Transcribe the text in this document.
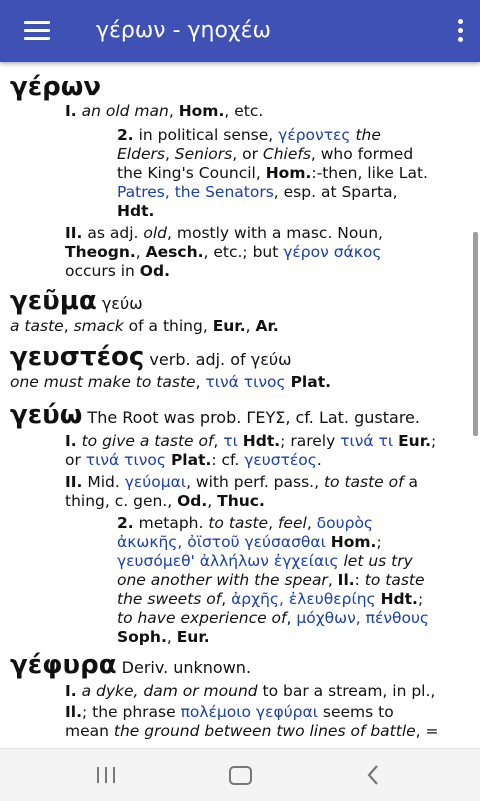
γέρων - γηοχέω
γέρων
I. an old man, Hom., etc.
2. in political sense, γέροντες the
Elders, Seniors, or Chiefs, who formed
the King's Council, Hom.:-then, like Lat.
Patres, the Senators, esp. at Sparta,
Hdt.
II. as adj. old, mostly with a masc. Noun,
Theogn., Aesch., etc.; but γέρον σάκος
occurs in Od.
γεῦμα γεύω
a taste, smack of a thing, Eur., Ar.
γευστέος verb. adj. of γεύω
one must make to taste, τινά τινος Plat.
γεύω The Root was prob. ΓΕΥΣ, cf. Lat. gustare.
I. to give a taste of, τι Hdt.; rarely τινά τι Eur.;
or τινά τινος Plat.: cf. γευστέος.
II. Mid. γεύομαι, with perf. pass., to taste of a
thing, c. gen., Od., Thuc.
2. metaph. to taste, feel, δουρὸς
ἀκωκῆς, ὀϊστοῦ γεύσασθαι Hom.;
γευσόμεθ' ἀλλήλων ἐγχείαις let us try
one another with the spear, Il.: to taste
the sweets of, ἀρχῆς, ἐλευθερίης Hdt.;
to have experience of, μόχθων, πένθους
Soph., Eur.
γέφυρα Deriv. unknown.
I. a dyke, dam or mound to bar a stream, in pl.,
Il.; the phrase πολέμοιο γεφύραι seems to
mean the ground between two lines of battle, =
